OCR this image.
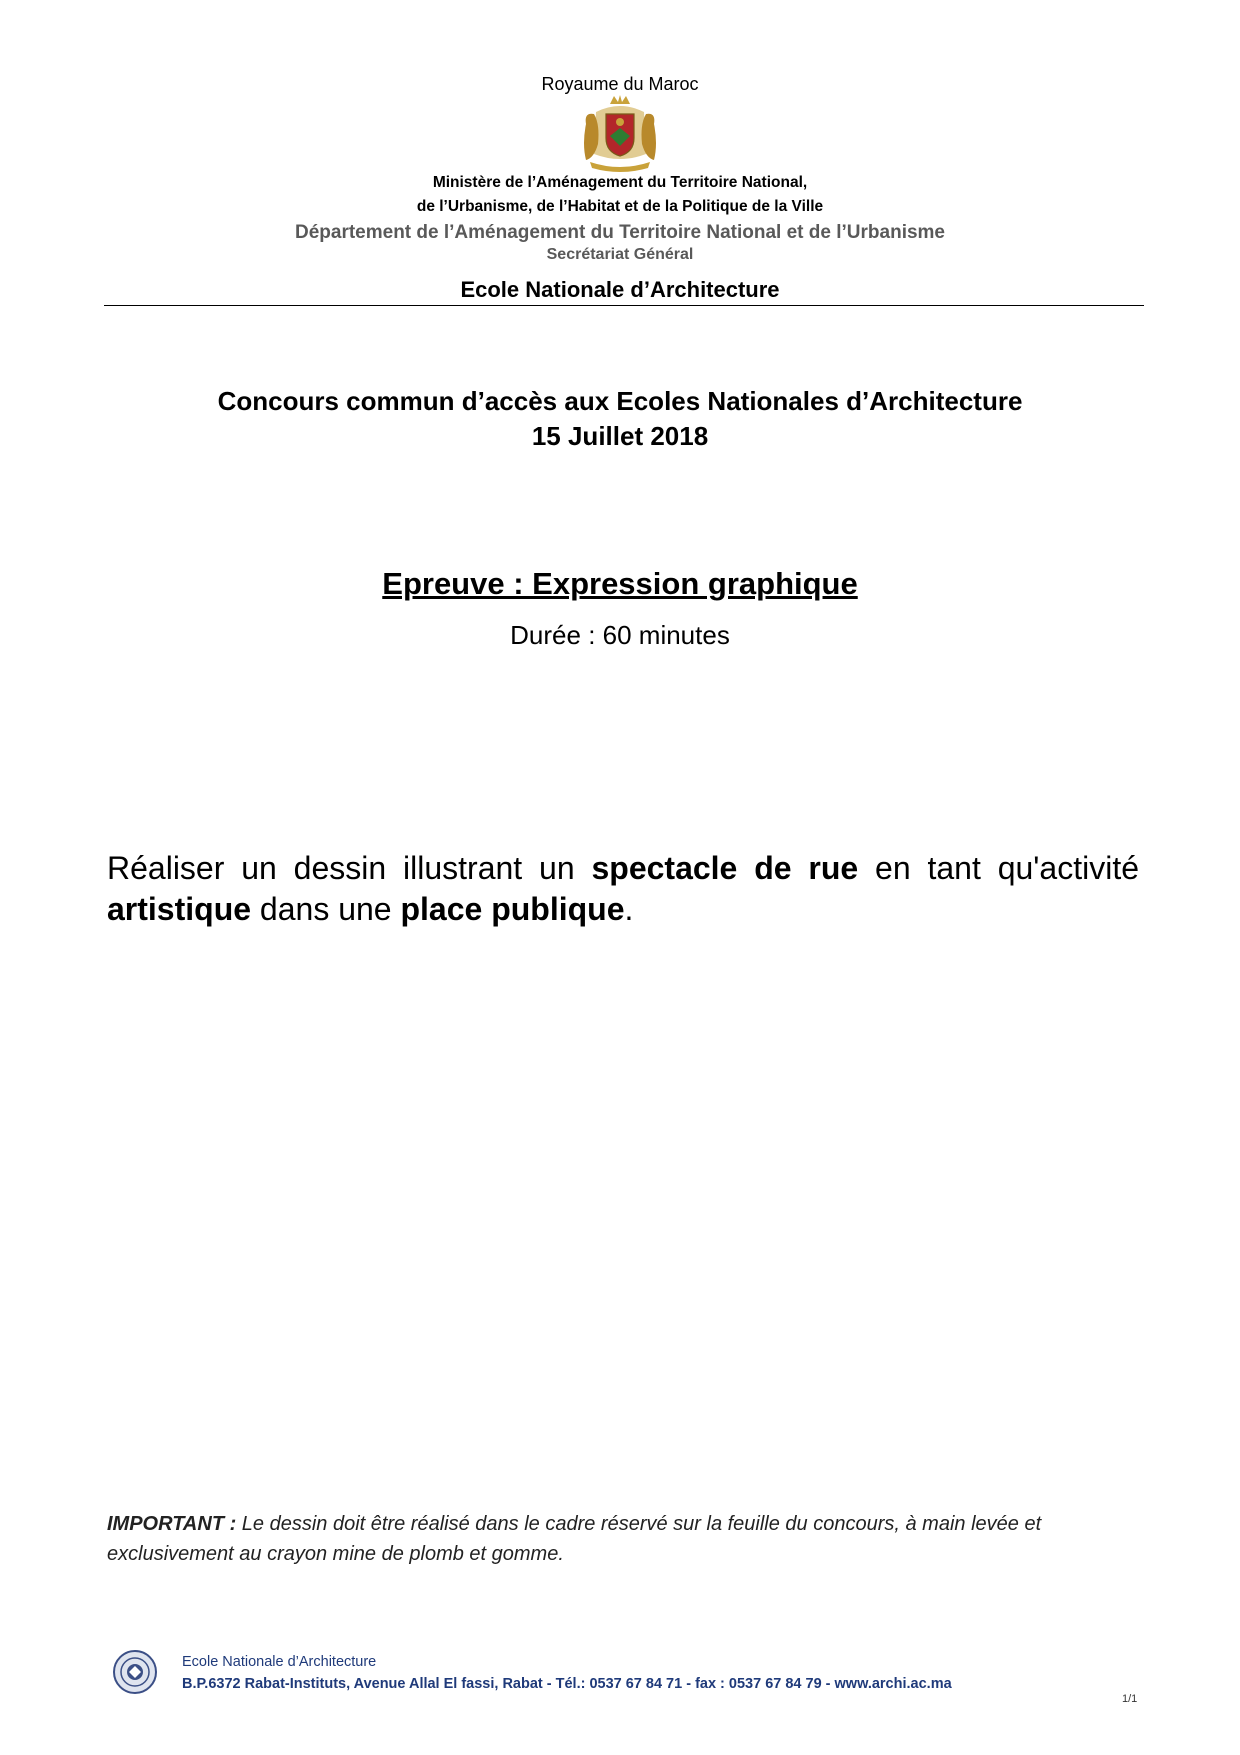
Royaume du Maroc
Ministère de l’Aménagement du Territoire National,
de l’Urbanisme, de l’Habitat et de la Politique de la Ville
Département de l’Aménagement du Territoire National et de l’Urbanisme
Secrétariat Général
Ecole Nationale d’Architecture
Concours commun d’accès aux Ecoles Nationales d’Architecture
15 Juillet 2018
Epreuve : Expression graphique
Durée : 60 minutes
Réaliser un dessin illustrant un spectacle de rue en tant qu'activité artistique dans une place publique.
IMPORTANT : Le dessin doit être réalisé dans le cadre réservé sur la feuille du concours, à main levée et exclusivement au crayon mine de plomb et gomme.
Ecole Nationale d’Architecture
B.P.6372 Rabat-Instituts, Avenue Allal El fassi, Rabat - Tél.: 0537 67 84 71 - fax : 0537 67 84 79 - www.archi.ac.ma
1/1
